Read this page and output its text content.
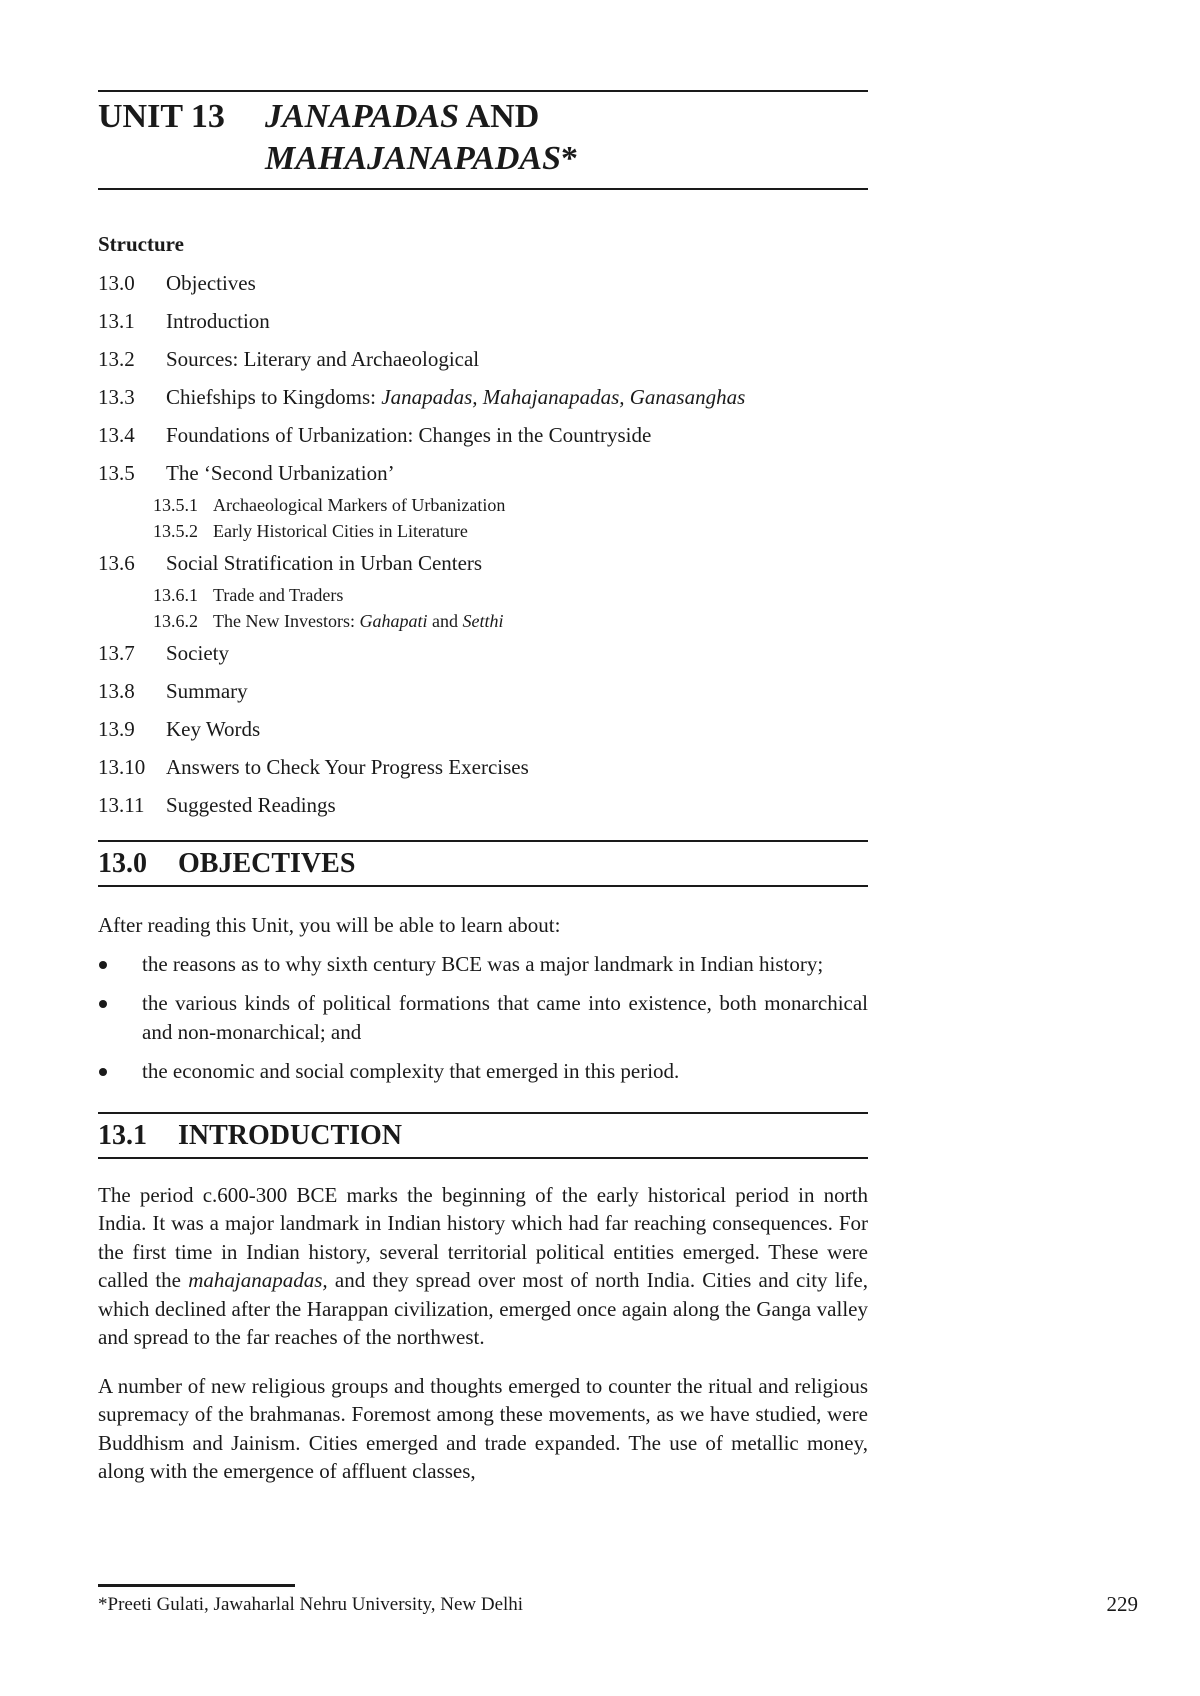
UNIT 13	JANAPADAS AND
MAHAJANAPADAS*
Structure
13.0	Objectives
13.1	Introduction
13.2	Sources: Literary and Archaeological
13.3	Chiefships to Kingdoms: Janapadas, Mahajanapadas, Ganasanghas
13.4	Foundations of Urbanization: Changes in the Countryside
13.5	The ‘Second Urbanization’
13.5.1 Archaeological Markers of Urbanization
13.5.2 Early Historical Cities in Literature
13.6	Social Stratification in Urban Centers
13.6.1 Trade and Traders
13.6.2 The New Investors: Gahapati and Setthi
13.7	Society
13.8	Summary
13.9	Key Words
13.10 Answers to Check Your Progress Exercises
13.11	Suggested Readings
13.0	OBJECTIVES

After reading this Unit, you will be able to learn about:

the reasons as to why sixth century BCE was a major landmark in Indian history;
the various kinds of political formations that came into existence, both monarchical and non-monarchical; and
the economic and social complexity that emerged in this period.
13.1	INTRODUCTION

The period c.600-300 BCE marks the beginning of the early historical period in north India. It was a major landmark in Indian history which had far reaching consequences. For the first time in Indian history, several territorial political entities emerged. These were called the mahajanapadas, and they spread over most of north India. Cities and city life, which declined after the Harappan civilization, emerged once again along the Ganga valley and spread to the far reaches of the northwest.

A number of new religious groups and thoughts emerged to counter the ritual and religious supremacy of the brahmanas. Foremost among these movements, as we have studied, were Buddhism and Jainism. Cities emerged and trade expanded. The use of metallic money, along with the emergence of affluent classes,

*Preeti Gulati, Jawaharlal Nehru University, New Delhi	229
